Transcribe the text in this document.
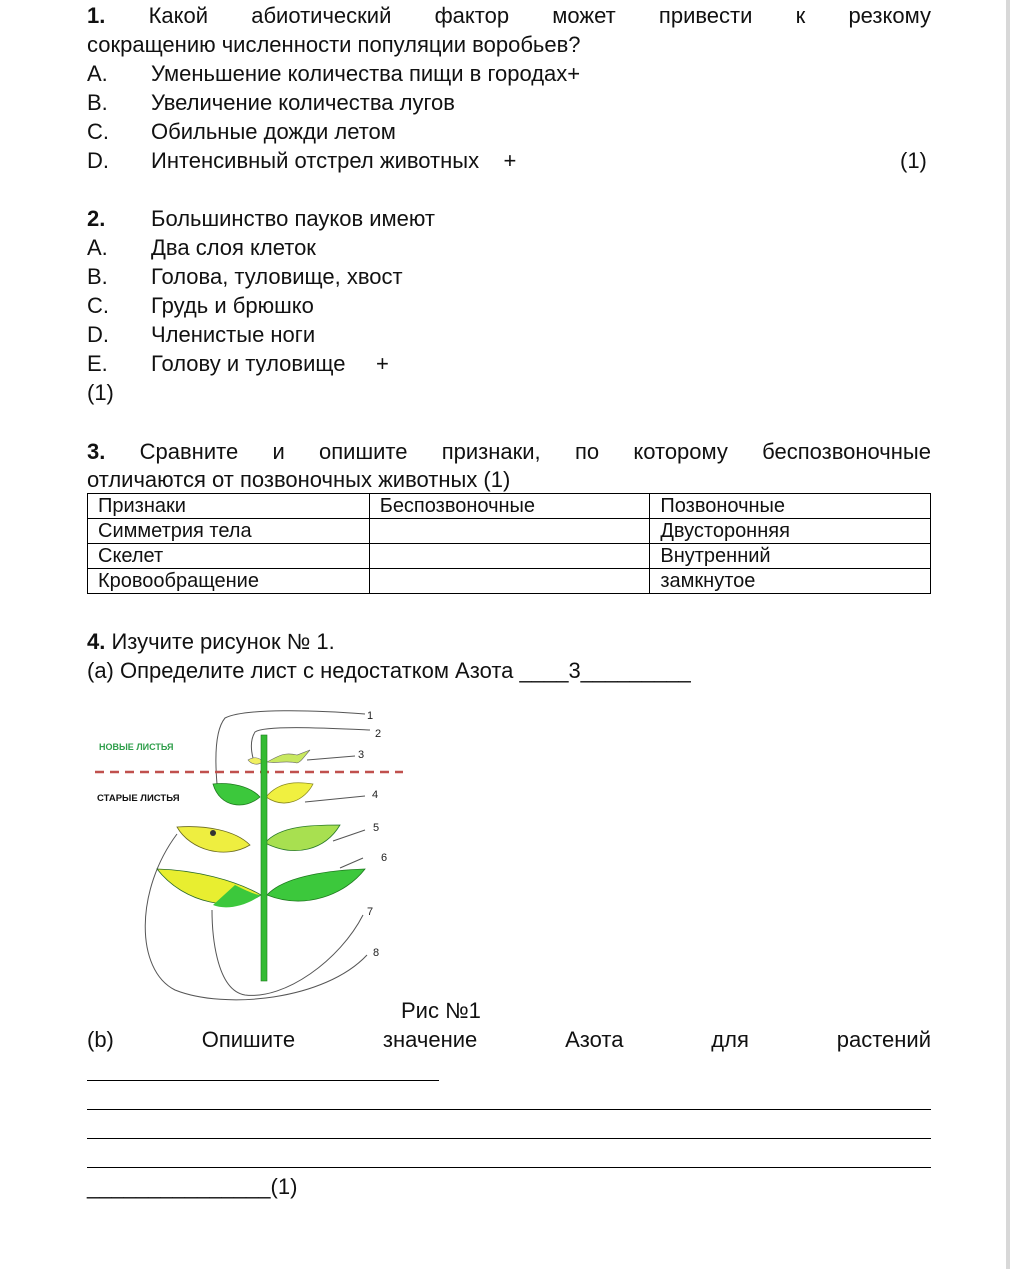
1. Какой абиотический фактор может привести к резкому
сокращению численности популяции воробьев?
A. Уменьшение количества пищи в городах+
B. Увеличение количества лугов
C. Обильные дожди летом
D. Интенсивный отстрел животных    +	(1)
2. Большинство пауков имеют
A. Два слоя клеток
B. Голова, туловище, хвост
C. Грудь и брюшко
D. Членистые ноги
E. Голову и туловище     +
(1)
3. Сравните и опишите признаки, по которому беспозвоночные
отличаются от позвоночных животных (1)
Признаки	Беспозвоночные	Позвоночные
Симметрия тела		Двусторонняя
Скелет		Внутренний
Кровообращение		замкнутое
4. Изучите рисунок № 1.
(а) Определите лист с недостатком Азота ____3_________
НОВЫЕ ЛИСТЬЯ
СТАРЫЕ ЛИСТЬЯ
1
2
3
4
5
6
7
8
Рис №1
(b)	Опишите	значение	Азота	для	растений
_______________(1)
